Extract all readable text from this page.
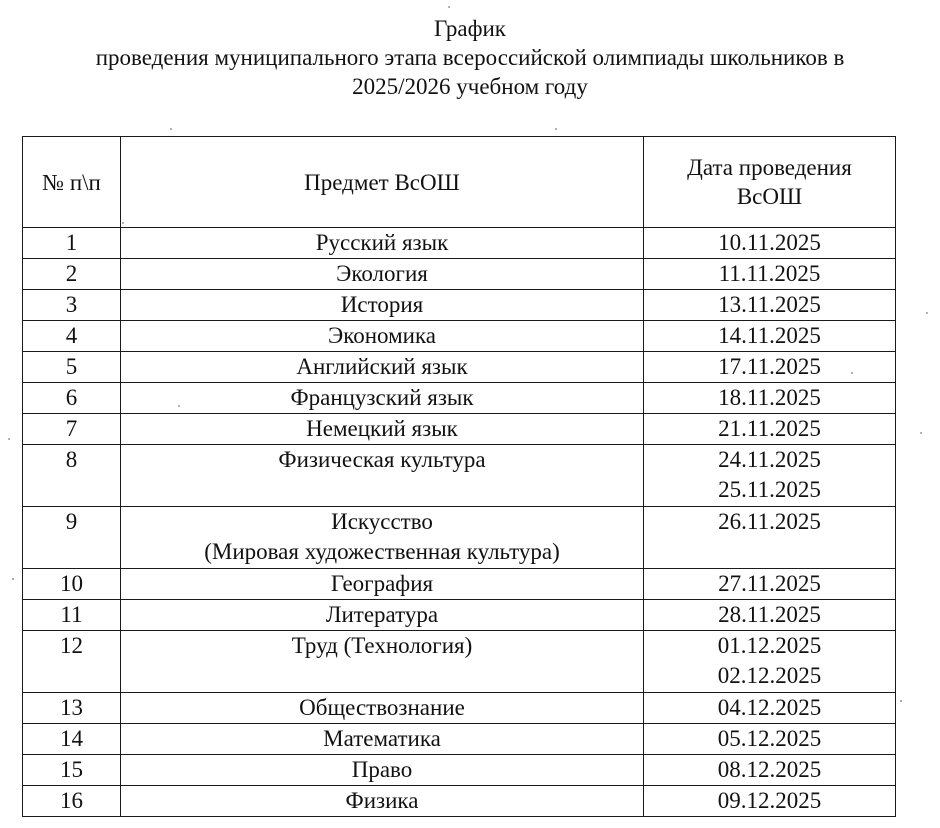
График
проведения муниципального этапа всероссийской олимпиады школьников в
2025/2026 учебном году
№ п\п	Предмет ВсОШ	Дата проведения
ВсОШ

1	Русский язык	10.11.2025

2	Экология	11.11.2025

3	История	13.11.2025

4	Экономика	14.11.2025

5	Английский язык	17.11.2025

6	Французский язык	18.11.2025

7	Немецкий язык	21.11.2025

8	Физическая культура	24.11.2025
25.11.2025

9	Искусство
(Мировая художественная культура)	26.11.2025

10	География	27.11.2025

11	Литература	28.11.2025

12	Труд (Технология)	01.12.2025
02.12.2025

13	Обществознание	04.12.2025

14	Математика	05.12.2025

15	Право	08.12.2025

16	Физика	09.12.2025
